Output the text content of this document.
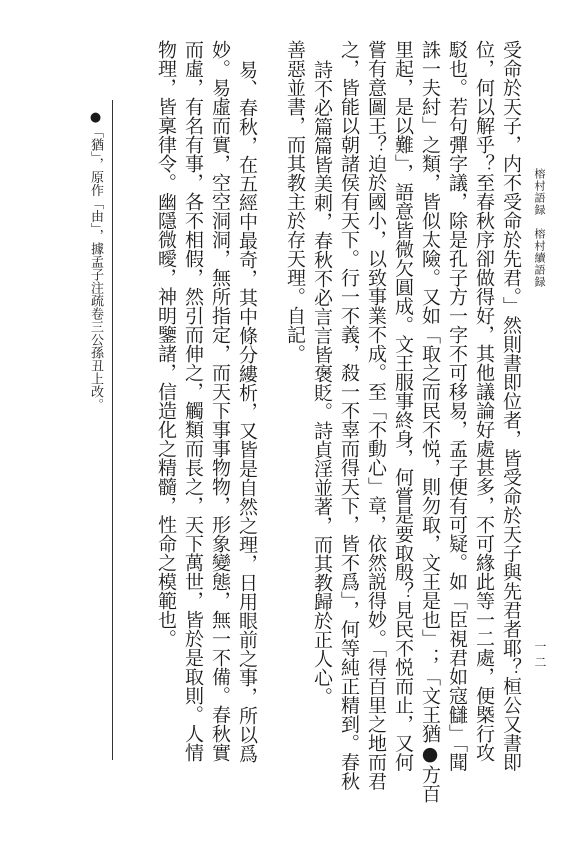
榕村語録　榕村續語録
一二
受命於天子，内不受命於先君。」然則書即位者，皆受命於天子與先君者耶？桓公又書即
位，何以解乎？至春秋序卻做得好，其他議論好處甚多，不可緣此等一二處，便槩行攻
駁也。若句彈字議，除是孔子方一字不可移易，孟子便有可疑。如「臣視君如寇讎」「聞
誅一夫紂」之類，皆似太險。又如「取之而民不悦，則勿取，文王是也」；「文王猶●方百
里起，是以難」，語意皆微欠圓成。文王服事終身，何嘗是要取殷？見民不悦而止，又何
嘗有意圖王？迫於國小，以致事業不成。至「不動心」章，依然説得妙。「得百里之地而君
之，皆能以朝諸侯有天下。行一不義，殺一不辜而得天下，皆不爲」，何等純正精到。春秋
詩不必篇篇皆美刺，春秋不必言言皆褒貶。詩貞淫並著，而其教歸於正人心。
善惡並書，而其教主於存天理。自記。
易、春秋，在五經中最奇，其中條分縷析，又皆是自然之理，日用眼前之事，所以爲
妙。易虛而實，空空洞洞，無所指定，而天下事事物物，形象變態，無一不備。春秋實
而虛，有名有事，各不相假，然引而伸之，觸類而長之，天下萬世，皆於是取則。人情
物理，皆稟律令。幽隱微曖，神明鑒諸，信造化之精髓，性命之模範也。
●「猶」，原作「由」，據孟子注疏卷三公孫丑上改。
